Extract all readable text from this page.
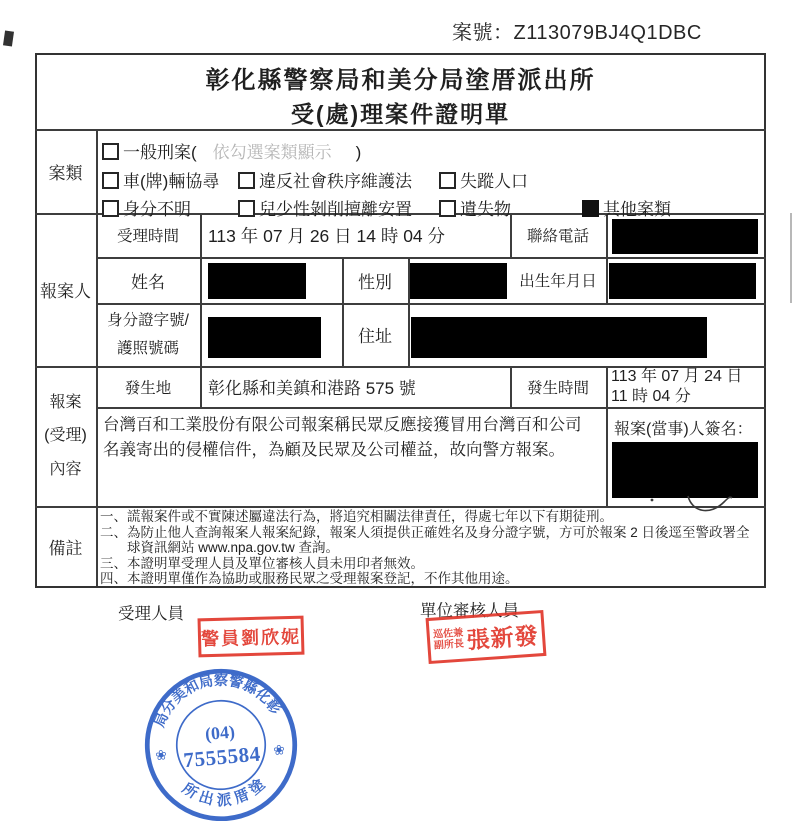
案號：Z113079BJ4Q1DBC
彰化縣警察局和美分局塗厝派出所
受(處)理案件證明單
案類
一般刑案( 依勾選案類顯示 )
車(牌)輛協尋	違反社會秩序維護法	失蹤人口
身分不明	兒少性剝削擅離安置	遺失物	其他案類
報案人
受理時間	113 年 07 月 26 日 14 時 04 分	聯絡電話
姓名	性別	出生年月日
身分證字號/
護照號碼
住址
報案
(受理)
內容
發生地	彰化縣和美鎮和港路 575 號	發生時間
113 年 07 月 24 日
11 時 04 分
台灣百和工業股份有限公司報案稱民眾反應接獲冒用台灣百和公司名義寄出的侵權信件，為顧及民眾及公司權益，故向警方報案。
報案(當事)人簽名：
備註
一、謊報案件或不實陳述屬違法行為，將追究相關法律責任，得處七年以下有期徒刑。
二、為防止他人查詢報案人報案紀錄，報案人須提供正確姓名及身分證字號，方可於報案 2 日後逕至警政署全球資訊網站 www.npa.gov.tw 查詢。
三、本證明單受理人員及單位審核人員未用印者無效。
四、本證明單僅作為協助或服務民眾之受理報案登記，不作其他用途。
受理人員
警員劉欣妮
單位審核人員
巡佐兼
副所長 張新發
局分美和局察警縣化彰
所出派厝塗
❀	❀
(04)
7555584
